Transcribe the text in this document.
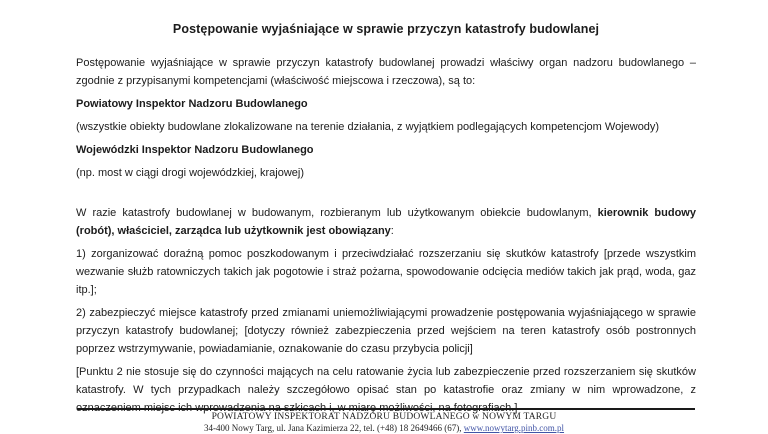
Postępowanie wyjaśniające w sprawie przyczyn katastrofy budowlanej

Postępowanie wyjaśniające w sprawie przyczyn katastrofy budowlanej prowadzi właściwy organ nadzoru budowlanego – zgodnie z przypisanymi kompetencjami (właściwość miejscowa i rzeczowa), są to:

Powiatowy Inspektor Nadzoru Budowlanego

(wszystkie obiekty budowlane zlokalizowane na terenie działania, z wyjątkiem podlegających kompetencjom Wojewody)

Wojewódzki Inspektor Nadzoru Budowlanego

(np. most w ciągi drogi wojewódzkiej, krajowej)

W razie katastrofy budowlanej w budowanym, rozbieranym lub użytkowanym obiekcie budowlanym, kierownik budowy (robót), właściciel, zarządca lub użytkownik jest obowiązany:

1) zorganizować doraźną pomoc poszkodowanym i przeciwdziałać rozszerzaniu się skutków katastrofy [przede wszystkim wezwanie służb ratowniczych takich jak pogotowie i straż pożarna, spowodowanie odcięcia mediów takich jak prąd, woda, gaz itp.];

2) zabezpieczyć miejsce katastrofy przed zmianami uniemożliwiającymi prowadzenie postępowania wyjaśniającego w sprawie przyczyn katastrofy budowlanej; [dotyczy również zabezpieczenia przed wejściem na teren katastrofy osób postronnych poprzez wstrzymywanie, powiadamianie, oznakowanie do czasu przybycia policji]

[Punktu 2 nie stosuje się do czynności mających na celu ratowanie życia lub zabezpieczenie przed rozszerzaniem się skutków katastrofy. W tych przypadkach należy szczegółowo opisać stan po katastrofie oraz zmiany w nim wprowadzone, z oznaczeniem miejsc ich wprowadzenia na szkicach i, w miarę możliwości, na fotografiach.]

POWIATOWY INSPEKTORAT NADZORU BUDOWLANEGO w NOWYM TARGU
34-400 Nowy Targ, ul. Jana Kazimierza 22, tel. (+48) 18 2649466 (67), www.nowytarg.pinb.com.pl
